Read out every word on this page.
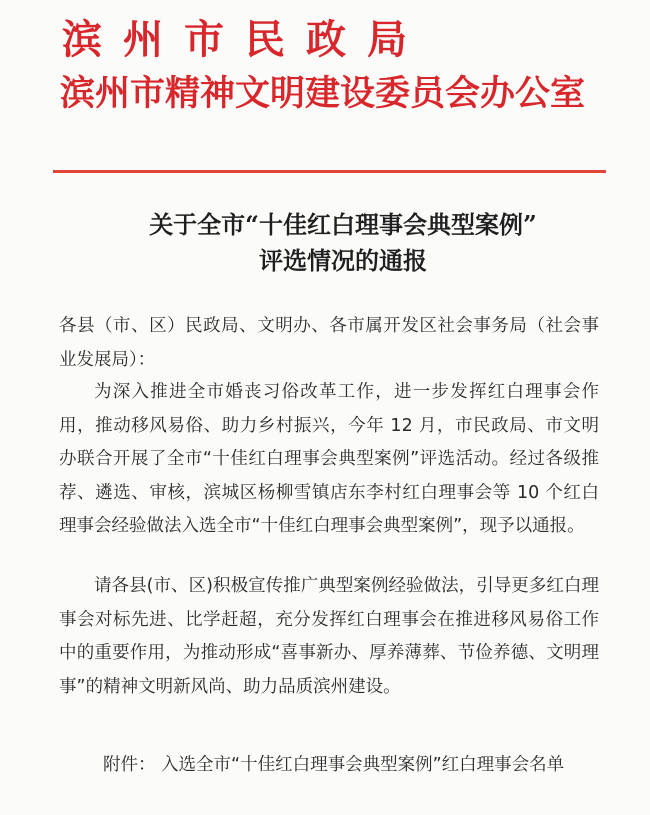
滨州市民政局
滨州市精神文明建设委员会办公室
关于全市“十佳红白理事会典型案例”
评选情况的通报
各县（市、区）民政局、文明办、各市属开发区社会事务局（社会事业发展局）：
为深入推进全市婚丧习俗改革工作，进一步发挥红白理事会作用，推动移风易俗、助力乡村振兴，今年 12 月，市民政局、市文明办联合开展了全市“十佳红白理事会典型案例”评选活动。经过各级推荐、遴选、审核，滨城区杨柳雪镇店东李村红白理事会等 10 个红白理事会经验做法入选全市“十佳红白理事会典型案例”，现予以通报。
请各县(市、区)积极宣传推广典型案例经验做法，引导更多红白理事会对标先进、比学赶超，充分发挥红白理事会在推进移风易俗工作中的重要作用，为推动形成“喜事新办、厚养薄葬、节俭养德、文明理事”的精神文明新风尚、助力品质滨州建设。
附件： 入选全市“十佳红白理事会典型案例”红白理事会名单
